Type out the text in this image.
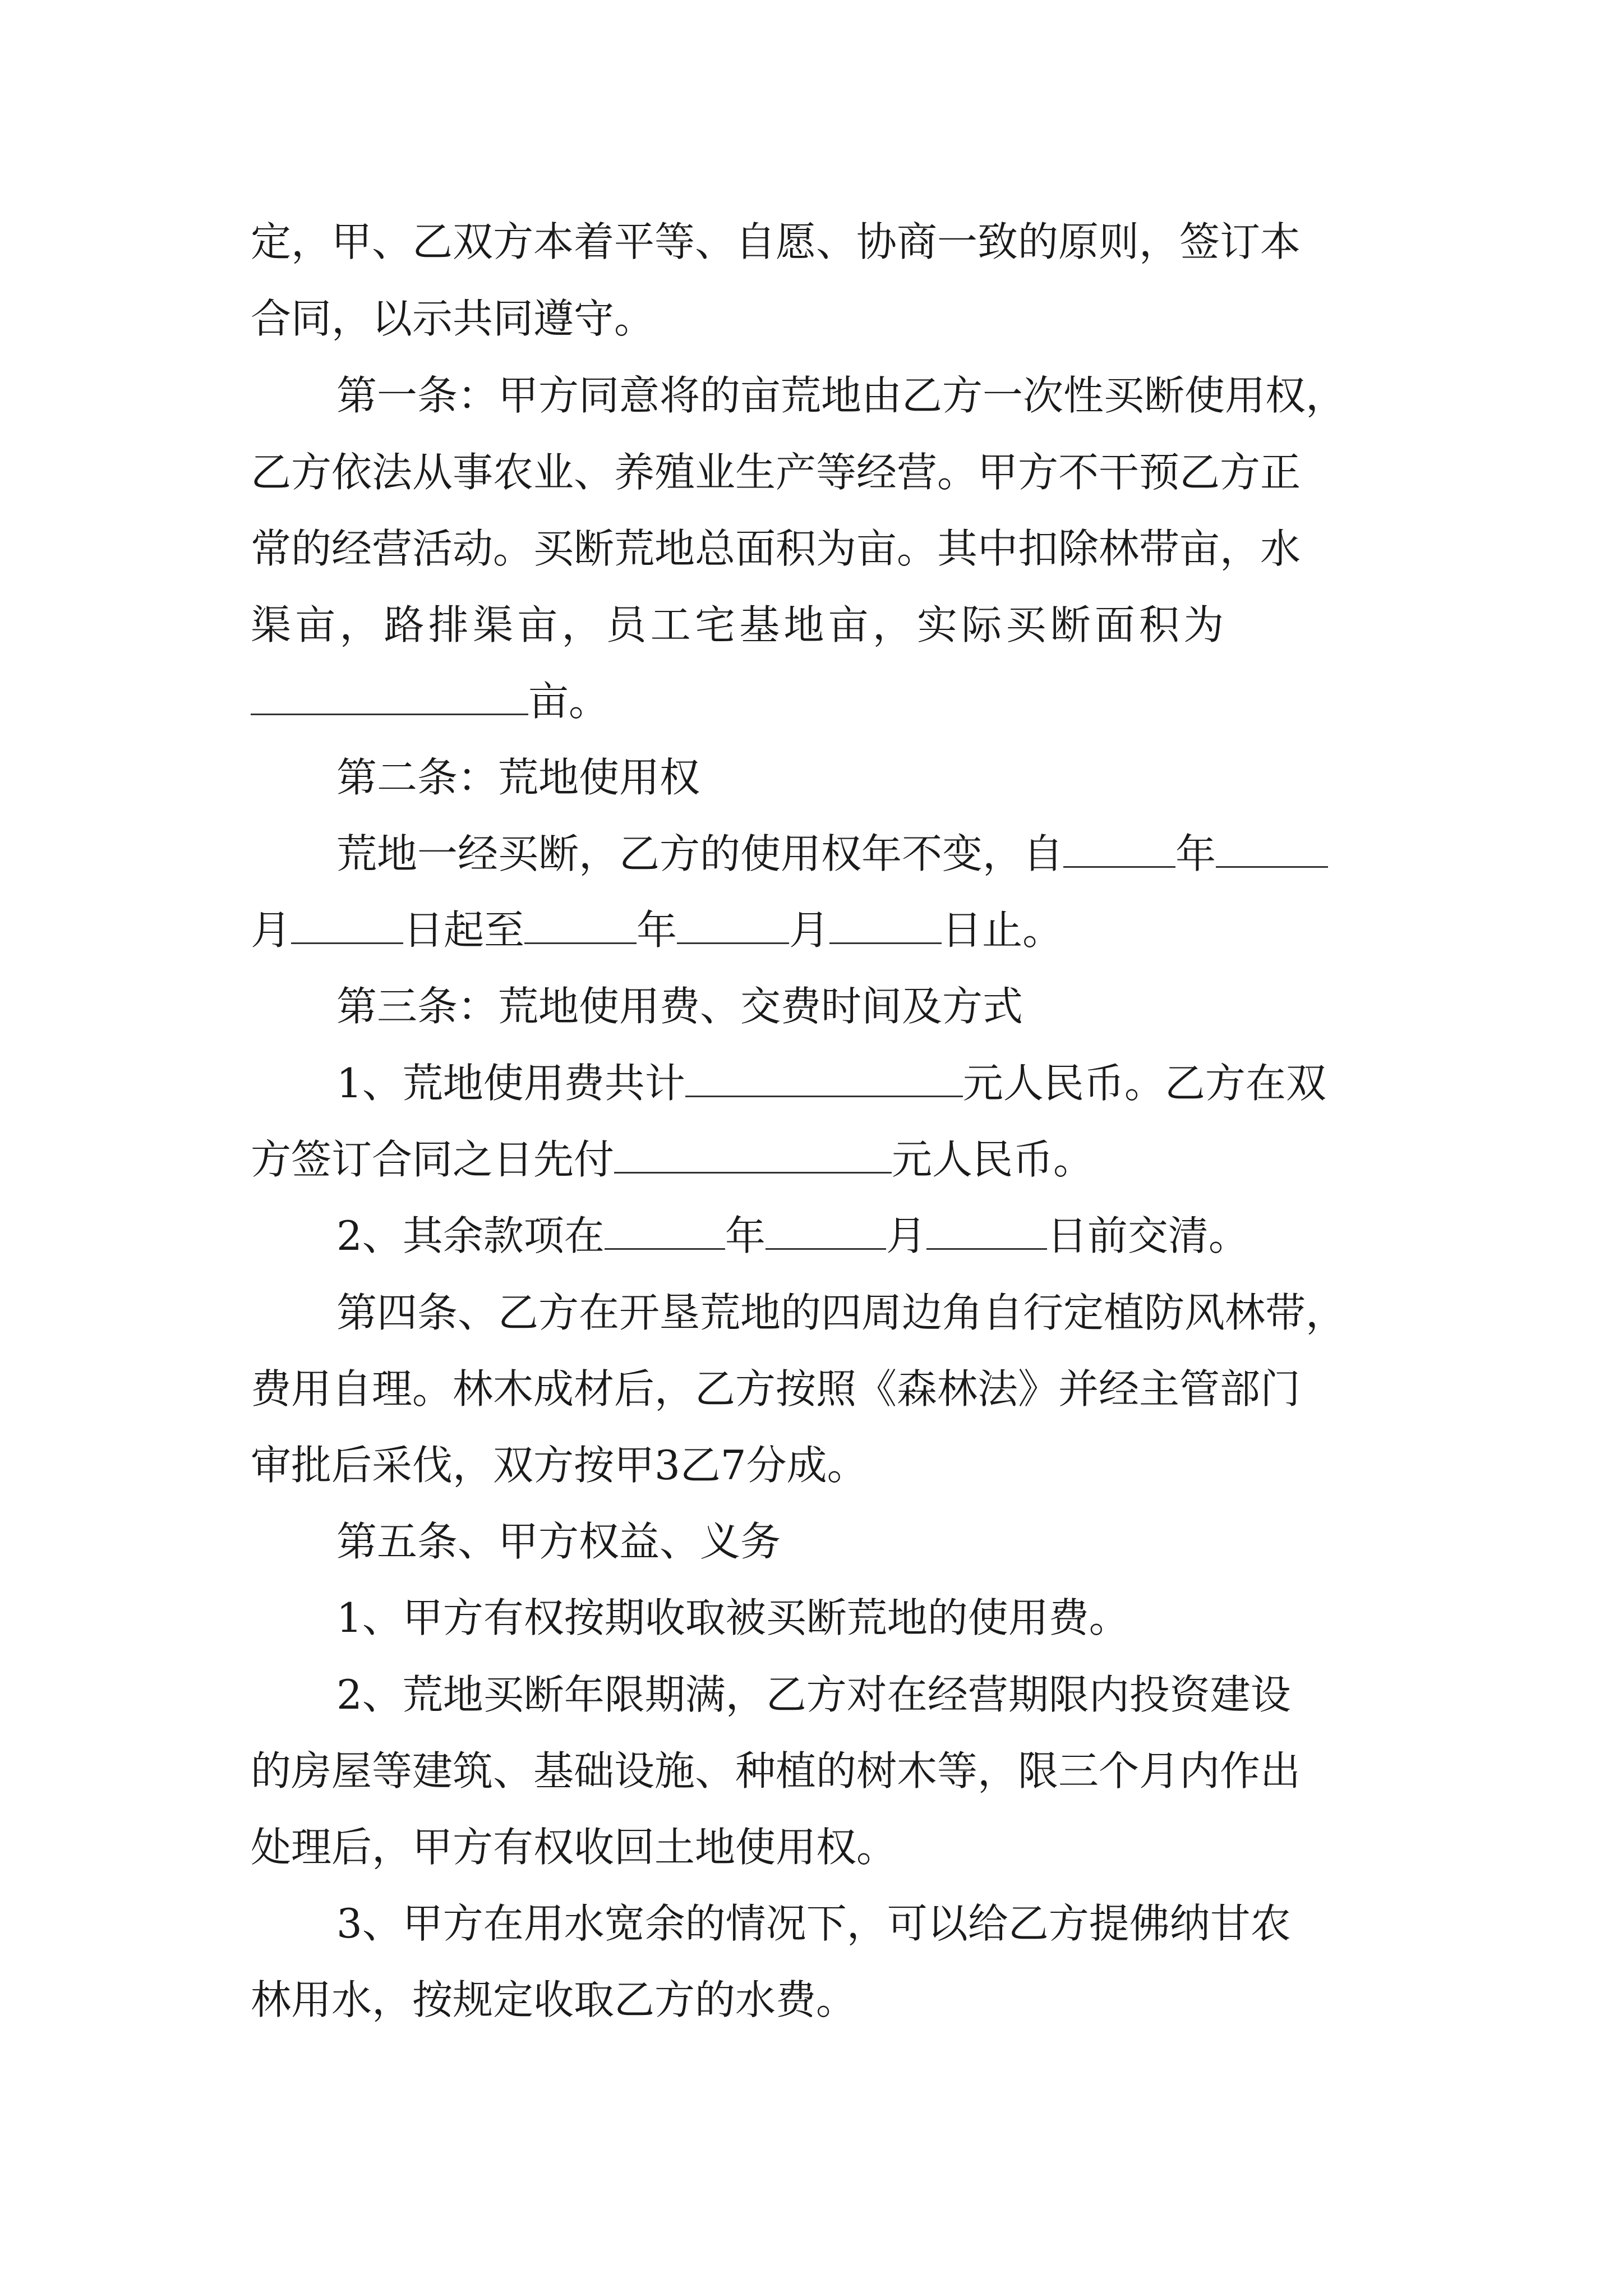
定，甲、乙双方本着平等、自愿、协商一致的原则，签订本
合同，以示共同遵守。
第一条：甲方同意将的亩荒地由乙方一次性买断使用权，
乙方依法从事农业、养殖业生产等经营。甲方不干预乙方正
常的经营活动。买断荒地总面积为亩。其中扣除林带亩，水
渠亩，路排渠亩，员工宅基地亩，实际买断面积为
亩。
第二条：荒地使用权
荒地一经买断，乙方的使用权年不变，自	年
月	日起至	年	月	日止。
第三条：荒地使用费、交费时间及方式
1、荒地使用费共计	元人民币。乙方在双
方签订合同之日先付	元人民币。
2、其余款项在	年	月	日前交清。
第四条、乙方在开垦荒地的四周边角自行定植防风林带，
费用自理。林木成材后，乙方按照《森林法》并经主管部门
审批后采伐，双方按甲3乙7分成。
第五条、甲方权益、义务
1、甲方有权按期收取被买断荒地的使用费。
2、荒地买断年限期满，乙方对在经营期限内投资建设
的房屋等建筑、基础设施、种植的树木等，限三个月内作出
处理后，甲方有权收回土地使用权。
3、甲方在用水宽余的情况下，可以给乙方提佛纳甘农
林用水，按规定收取乙方的水费。
